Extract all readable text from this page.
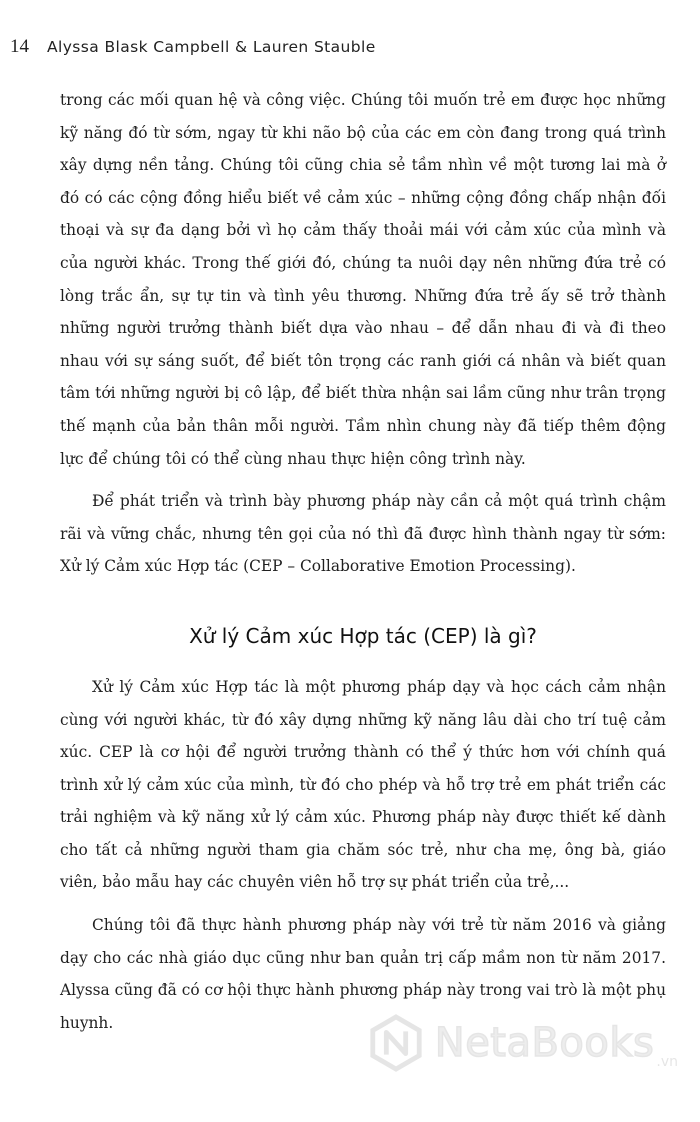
14 Alyssa Blask Campbell & Lauren Stauble

trong các mối quan hệ và công việc. Chúng tôi muốn trẻ em được học những kỹ năng đó từ sớm, ngay từ khi não bộ của các em còn đang trong quá trình xây dựng nền tảng. Chúng tôi cũng chia sẻ tầm nhìn về một tương lai mà ở đó có các cộng đồng hiểu biết về cảm xúc – những cộng đồng chấp nhận đối thoại và sự đa dạng bởi vì họ cảm thấy thoải mái với cảm xúc của mình và của người khác. Trong thế giới đó, chúng ta nuôi dạy nên những đứa trẻ có lòng trắc ẩn, sự tự tin và tình yêu thương. Những đứa trẻ ấy sẽ trở thành những người trưởng thành biết dựa vào nhau – để dẫn nhau đi và đi theo nhau với sự sáng suốt, để biết tôn trọng các ranh giới cá nhân và biết quan tâm tới những người bị cô lập, để biết thừa nhận sai lầm cũng như trân trọng thế mạnh của bản thân mỗi người. Tầm nhìn chung này đã tiếp thêm động lực để chúng tôi có thể cùng nhau thực hiện công trình này.

Để phát triển và trình bày phương pháp này cần cả một quá trình chậm rãi và vững chắc, nhưng tên gọi của nó thì đã được hình thành ngay từ sớm: Xử lý Cảm xúc Hợp tác (CEP – Collaborative Emotion Processing).

Xử lý Cảm xúc Hợp tác (CEP) là gì?

Xử lý Cảm xúc Hợp tác là một phương pháp dạy và học cách cảm nhận cùng với người khác, từ đó xây dựng những kỹ năng lâu dài cho trí tuệ cảm xúc. CEP là cơ hội để người trưởng thành có thể ý thức hơn với chính quá trình xử lý cảm xúc của mình, từ đó cho phép và hỗ trợ trẻ em phát triển các trải nghiệm và kỹ năng xử lý cảm xúc. Phương pháp này được thiết kế dành cho tất cả những người tham gia chăm sóc trẻ, như cha mẹ, ông bà, giáo viên, bảo mẫu hay các chuyên viên hỗ trợ sự phát triển của trẻ,...

Chúng tôi đã thực hành phương pháp này với trẻ từ năm 2016 và giảng dạy cho các nhà giáo dục cũng như ban quản trị cấp mầm non từ năm 2017. Alyssa cũng đã có cơ hội thực hành phương pháp này trong vai trò là một phụ huynh.	NetaBooks .vn
